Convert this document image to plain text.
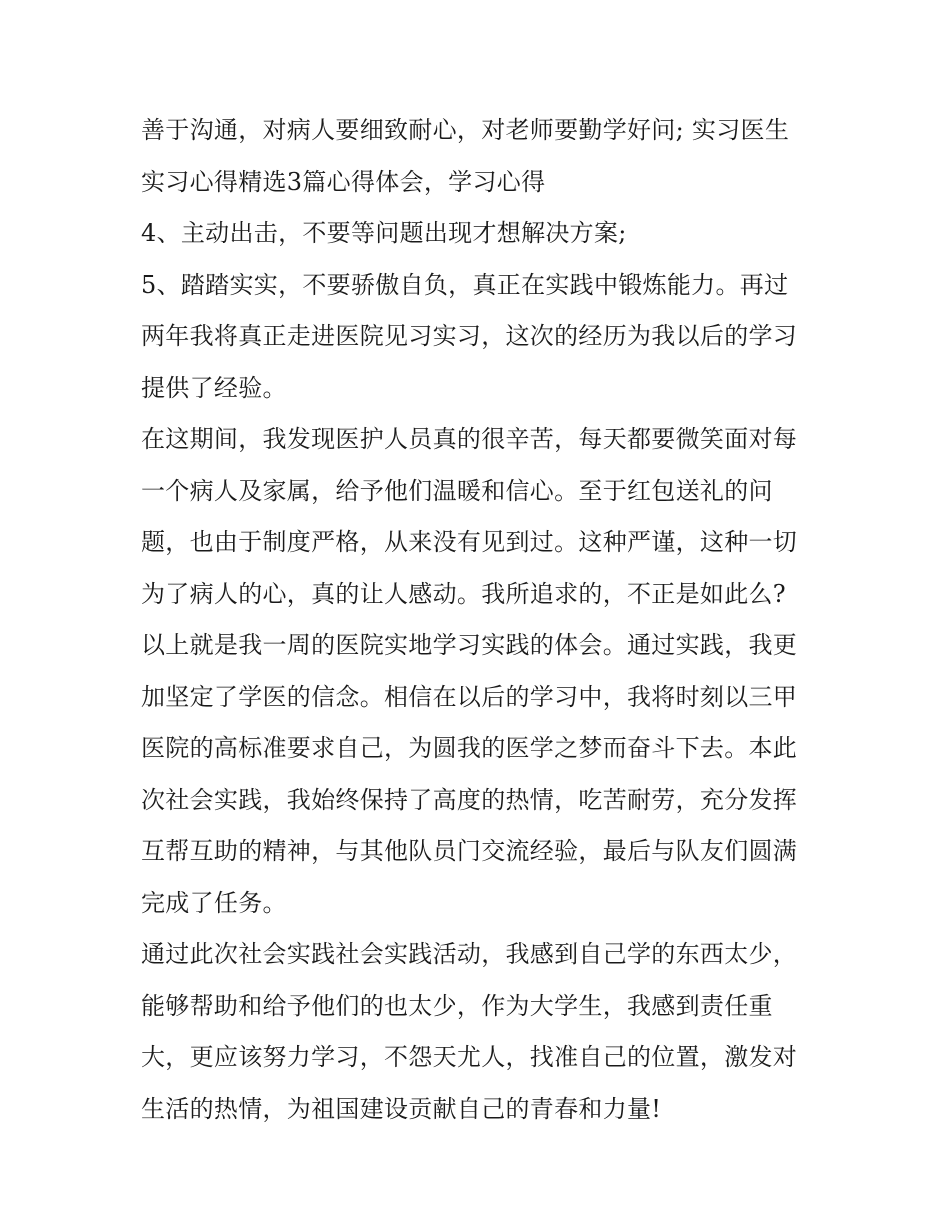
善于沟通，对病人要细致耐心，对老师要勤学好问; 实习医生
实习心得精选3篇心得体会，学习心得
4、主动出击，不要等问题出现才想解决方案;
5、踏踏实实，不要骄傲自负，真正在实践中锻炼能力。再过
两年我将真正走进医院见习实习，这次的经历为我以后的学习
提供了经验。
在这期间，我发现医护人员真的很辛苦，每天都要微笑面对每
一个病人及家属，给予他们温暖和信心。至于红包送礼的问
题，也由于制度严格，从来没有见到过。这种严谨，这种一切
为了病人的心，真的让人感动。我所追求的，不正是如此么?
以上就是我一周的医院实地学习实践的体会。通过实践，我更
加坚定了学医的信念。相信在以后的学习中，我将时刻以三甲
医院的高标准要求自己，为圆我的医学之梦而奋斗下去。本此
次社会实践，我始终保持了高度的热情，吃苦耐劳，充分发挥
互帮互助的精神，与其他队员门交流经验，最后与队友们圆满
完成了任务。
通过此次社会实践社会实践活动，我感到自己学的东西太少，
能够帮助和给予他们的也太少，作为大学生，我感到责任重
大，更应该努力学习，不怨天尤人，找准自己的位置，激发对
生活的热情，为祖国建设贡献自己的青春和力量!
